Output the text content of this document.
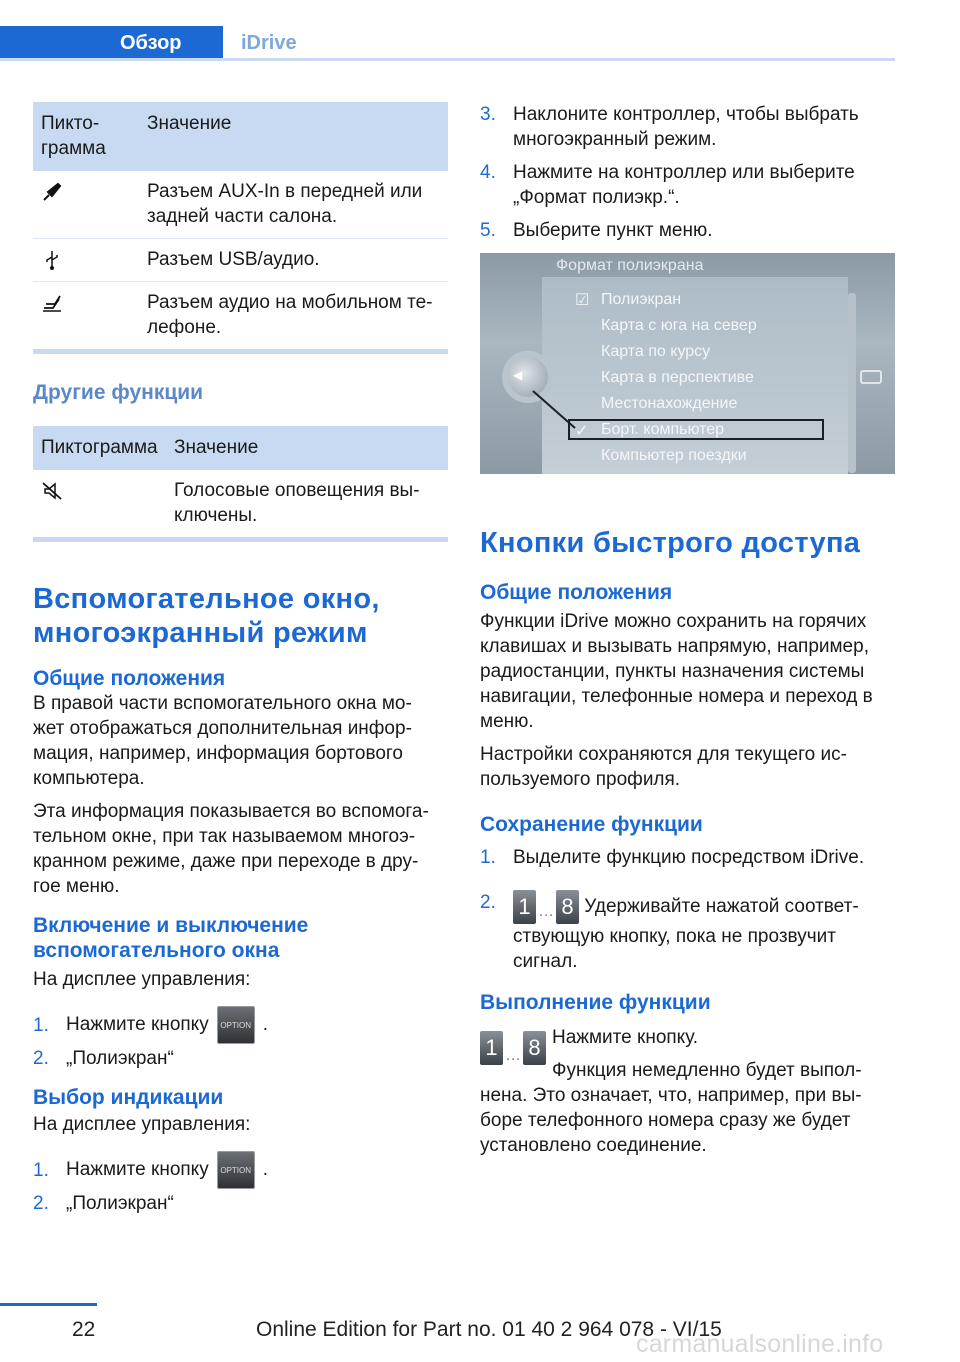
Обзор	iDrive
Пикто-
грамма	Значение
	Разъем AUX-In в передней или задней части салона.
	Разъем USB/аудио.
	Разъем аудио на мобильном те-
лефоне.
Другие функции
Пиктограмма	Значение
	Голосовые оповещения вы-
ключены.
Вспомогательное окно, многоэкранный режим
Общие положения

В правой части вспомогательного окна мо-
жет отображаться дополнительная инфор-
мация, например, информация бортового
компьютера.

Эта информация показывается во вспомога-
тельном окне, при так называемом многоэ-
кранном режиме, даже при переходе в дру-
гое меню.

Включение и выключение вспомогательного окна

На дисплее управления:

1. Нажмите кнопку OPTION .
2. „Полиэкран“
Выбор индикации

На дисплее управления:

1. Нажмите кнопку OPTION .
2. „Полиэкран“
3. Наклоните контроллер, чтобы выбрать многоэкранный режим.
4. Нажмите на контроллер или выберите „Формат полиэкр.“.
5. Выберите пункт меню.
Формат полиэкрана
☑ Полиэкран
Карта с юга на север
Карта по курсу
Карта в перспективе
Местонахождение
✓ Борт. компьютер
Компьютер поездки
◀
Кнопки быстрого доступа
Общие положения

Функции iDrive можно сохранить на горячих клавишах и вызывать напрямую, например, радиостанции, пункты назначения системы навигации, телефонные номера и переход в меню.

Настройки сохраняются для текущего ис-
пользуемого профиля.

Сохранение функции
1. Выделите функцию посредством iDrive.
2.	1 … 8 Удерживайте нажатой соответ-
ствующую кнопку, пока не прозвучит
сигнал.
Выполнение функции
1 … 8 Нажмите кнопку.

Функция немедленно будет выпол-

нена. Это означает, что, например, при вы-
боре телефонного номера сразу же будет
установлено соединение.

22	Online Edition for Part no. 01 40 2 964 078 - VI/15
carmanualsonline.info
